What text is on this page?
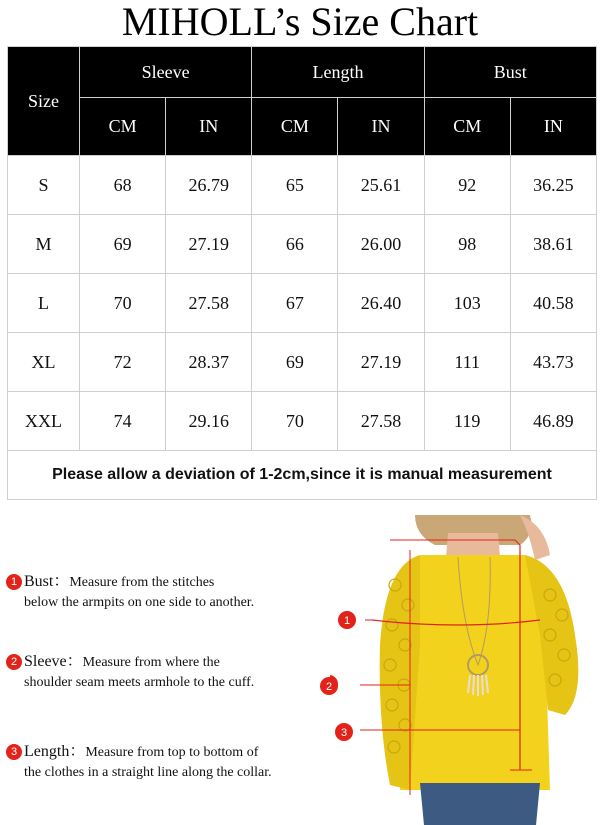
MIHOLL’s Size Chart
Size	Sleeve		Length		Bust	
	CM	IN	CM	IN	CM	IN
S	68	26.79	65	25.61	92	36.25
M	69	27.19	66	26.00	98	38.61
L	70	27.58	67	26.40	103	40.58
XL	72	28.37	69	27.19	111	43.73
XXL	74	29.16	70	27.58	119	46.89
Please allow a deviation of 1-2cm,since it is manual measurement						
1 Bust：Measure from the stitches
below the armpits on one side to another.
2 Sleeve：Measure from where the
shoulder seam meets armhole to the cuff.
3 Length：Measure from top to bottom of
the clothes in a straight line along the collar.
1
3
2
